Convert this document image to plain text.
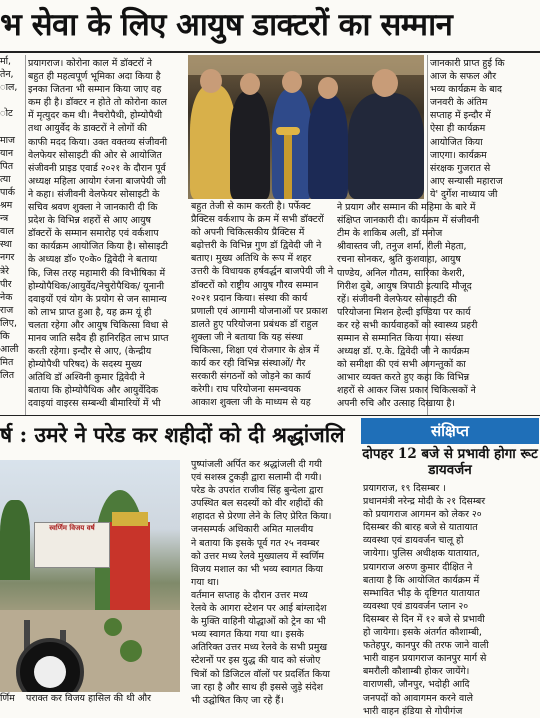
भ सेवा के लिए आयुष डाक्टरों का सम्मान

र्मा,
तेन,
ाल,

ोट

माज
यान
पित
त्या
पार्क
श्रम
न्त्र
वाल
स्था
नगर
त्रेरे
पीर
नेक
राज
लिए,
कि
आली
मित
लित

प्रयागराज। कोरोना काल में डॉक्टरों ने
बहुत ही महत्वपूर्ण भूमिका अदा किया है
इनका जितना भी सम्मान किया जाए वह
कम ही है। डॉक्टर न होते तो कोरोना काल
में मृत्युदर कम थी। नैचरोपैथी, होम्योपैथी
तथा आयुर्वेद के डाक्टरों ने लोगों की
काफी मदद किया। उक्त वक्तव्य संजीवनी
वेलफेयर सोसाइटी की ओर से आयोजित
संजीवनी प्राइड एवार्ड २०२१ के दौरान पूर्व
अध्यक्ष महिला आयोग रंजना बाजपेयी जी
ने कहा। संजीवनी वेलफेयर सोसाइटी के
सचिव श्रवण शुक्ला ने जानकारी दी कि
प्रदेश के विभिन्न शहरों से आए आयुष
डॉक्टरों के सम्मान समारोह एवं वर्कशाप
का कार्यक्रम आयोजित किया है। सोसाइटी
के अध्यक्ष डॉ० ए०के० द्विवेदी ने बताया
कि, जिस तरह महामारी की विभीषिका में
होम्योपैथिक/आयुर्वेद/नेचुरोपैथिक/ यूनानी
दवाइयों एवं योग के प्रयोग से जन सामान्य
को लाभ प्राप्त हुआ है, यह क्रम यूं ही
चलता रहेगा और आयुष चिकित्सा विधा से
मानव जाति सदैव ही हानिरहित लाभ प्राप्त
करती रहेगा। इन्दौर से आए, (केन्द्रीय
होम्योपैथी परिषद) के सदस्य मुख्य
अतिथि डॉ अश्विनी कुमार द्विवेदी ने
बताया कि होम्योपैथिक और आयुर्वेदिक
दवाइयां वाइरस सम्बन्धी बीमारियों में भी

बहुत तेजी से काम करती है। पर्फेक्ट
प्रैक्टिस वर्कशाप के क्रम में सभी डॉक्टरों
को अपनी चिकित्सकीय प्रैक्टिस में
बढ़ोत्तरी के विभिन्न गुण डॉ द्विवेदी जी ने
बताए। मुख्य अतिथि के रूप में शहर
उत्तरी के विधायक हर्षवर्द्धन बाजपेयी जी ने
डॉक्टरों को राष्ट्रीय आयुष गौरव सम्मान
२०२१ प्रदान किया। संस्था की कार्य
प्रणाली एवं आगामी योजनाओं पर प्रकाश
डालते हुए परियोजना प्रबंधक डॉ राहुल
शुक्ला जी ने बताया कि यह संस्था
चिकित्सा, शिक्षा एवं रोजगार के क्षेत्र में
कार्य कर रही विभिन्न संस्थाओं/ गैर
सरकारी संगठनों को जोड़ने का कार्य
करेगी। राघ परियोजना समन्वयक
आकाश शुक्ला जी के माध्यम से यह

जानकारी प्राप्त हुई कि
आज के सफल और
भव्य कार्यक्रम के बाद
जनवरी के अंतिम
सप्ताह में इन्दौर में
ऐसा ही कार्यक्रम
आयोजित किया
जाएगा। कार्यक्रम
संरक्षक गुजरात से
आए सन्यासी महाराज
ये' दुर्गेश नाध्याय जी
ने प्रयाग और सम्मान की महिमा के बारे में
संक्षिप्त जानकारी दी। कार्यक्रम में संजीवनी
टीम के शाकिब अली, डॉ मनोज
श्रीवास्तव जी, तनुज शर्मा, रीली मेहता,
रचना सोनकर, श्रुति कुशवाहा, आयुष
पाण्डेय, अनिल गौतम, सारिका केशरी,
गिरीश दुबे, आयुष त्रिपाठी इत्यादि मौजूद
रहें। संजीवनी वेलफेयर सोसाइटी की
परियोजना मिशन हेल्दी इण्डिया पर कार्य
कर रहे सभी कार्यवाहकों को स्वास्थ्य प्रहरी
सम्मान से सम्मानित किया गया। संस्था
अध्यक्ष डॉ. ए.के. द्विवेदी जी ने कार्यक्रम
को समीक्षा की एवं सभी आगन्तुकों का
आभार व्यक्त करते हुए कहा कि विभिन्न
शहरों से आकर जिस प्रकार चिकित्सकों ने
अपनी रुचि और उत्साह दिखाया है।

र्ष : उमरे ने परेड कर शहीदों को दी श्रद्धांजलि
स्वर्णिम विजय वर्ष
र्णिम पराक्त कर विजय हासिल की थी और

पुष्पांजली अर्पित कर श्रद्धांजली दी गयी
एवं सशस्त्र टुकड़ी द्वारा सलामी दी गयी।
परेड के उपरांत राजीव सिंह बुन्देला द्वारा
उपस्थित बल सदस्यों को वीर शहीदों की
शहादत से प्रेरणा लेने के लिए प्रेरित किया।
जनसम्पर्क अधिकारी अमित मालवीय
ने बताया कि इसके पूर्व गत २५ नवम्बर
को उत्तर मध्य रेलवे मुख्यालय में स्वर्णिम
विजय मशाल का भी भव्य स्वागत किया
गया था।
वर्तमान सप्ताह के दौरान उत्तर मध्य
रेलवे के आगरा स्टेशन पर आई बांग्लादेश
के मुक्ति वाहिनी योद्धाओं को ट्रेन का भी
भव्य स्वागत किया गया था। इसके
अतिरिक्त उत्तर मध्य रेलवे के सभी प्रमुख
स्टेशनों पर इस युद्ध की याद को संजोए
चित्रों को डिजिटल वॉलों पर प्रदर्शित किया
जा रहा है और साथ ही इससे जुड़े संदेश
भी उद्घोषित किए जा रहे हैं।

संक्षिप्त
दोपहर 12 बजे से प्रभावी होगा रूट डायवर्जन

प्रयागराज, १९ दिसम्बर ।
प्रधानमंत्री नरेन्द्र मोदी के २१ दिसम्बर
को प्रयागराज आगमन को लेकर २०
दिसम्बर की बारह बजे से यातायात
व्यवस्था एवं डायवर्जन चालू हो
जायेगा। पुलिस अधीक्षक यातायात,
प्रयागराज अरुण कुमार दीक्षित ने
बताया है कि आयोजित कार्यक्रम में
सम्भावित भीड़ के दृष्टिगत यातायात
व्यवस्था एवं डायवर्जन प्लान २०
दिसम्बर से दिन में १२ बजे से प्रभावी
हो जायेगा। इसके अंतर्गत कौशाम्बी,
फतेहपुर, कानपुर की तरफ जाने वाली
भारी वाहन प्रयागराज कानपुर मार्ग से
बमरौली कौशाम्बी होकर जायेंगे।
वाराणसी, जौनपुर, भदोही आदि
जनपदों को आवागमन करने वाले
भारी वाहन हंडिया से गोपीगंज
